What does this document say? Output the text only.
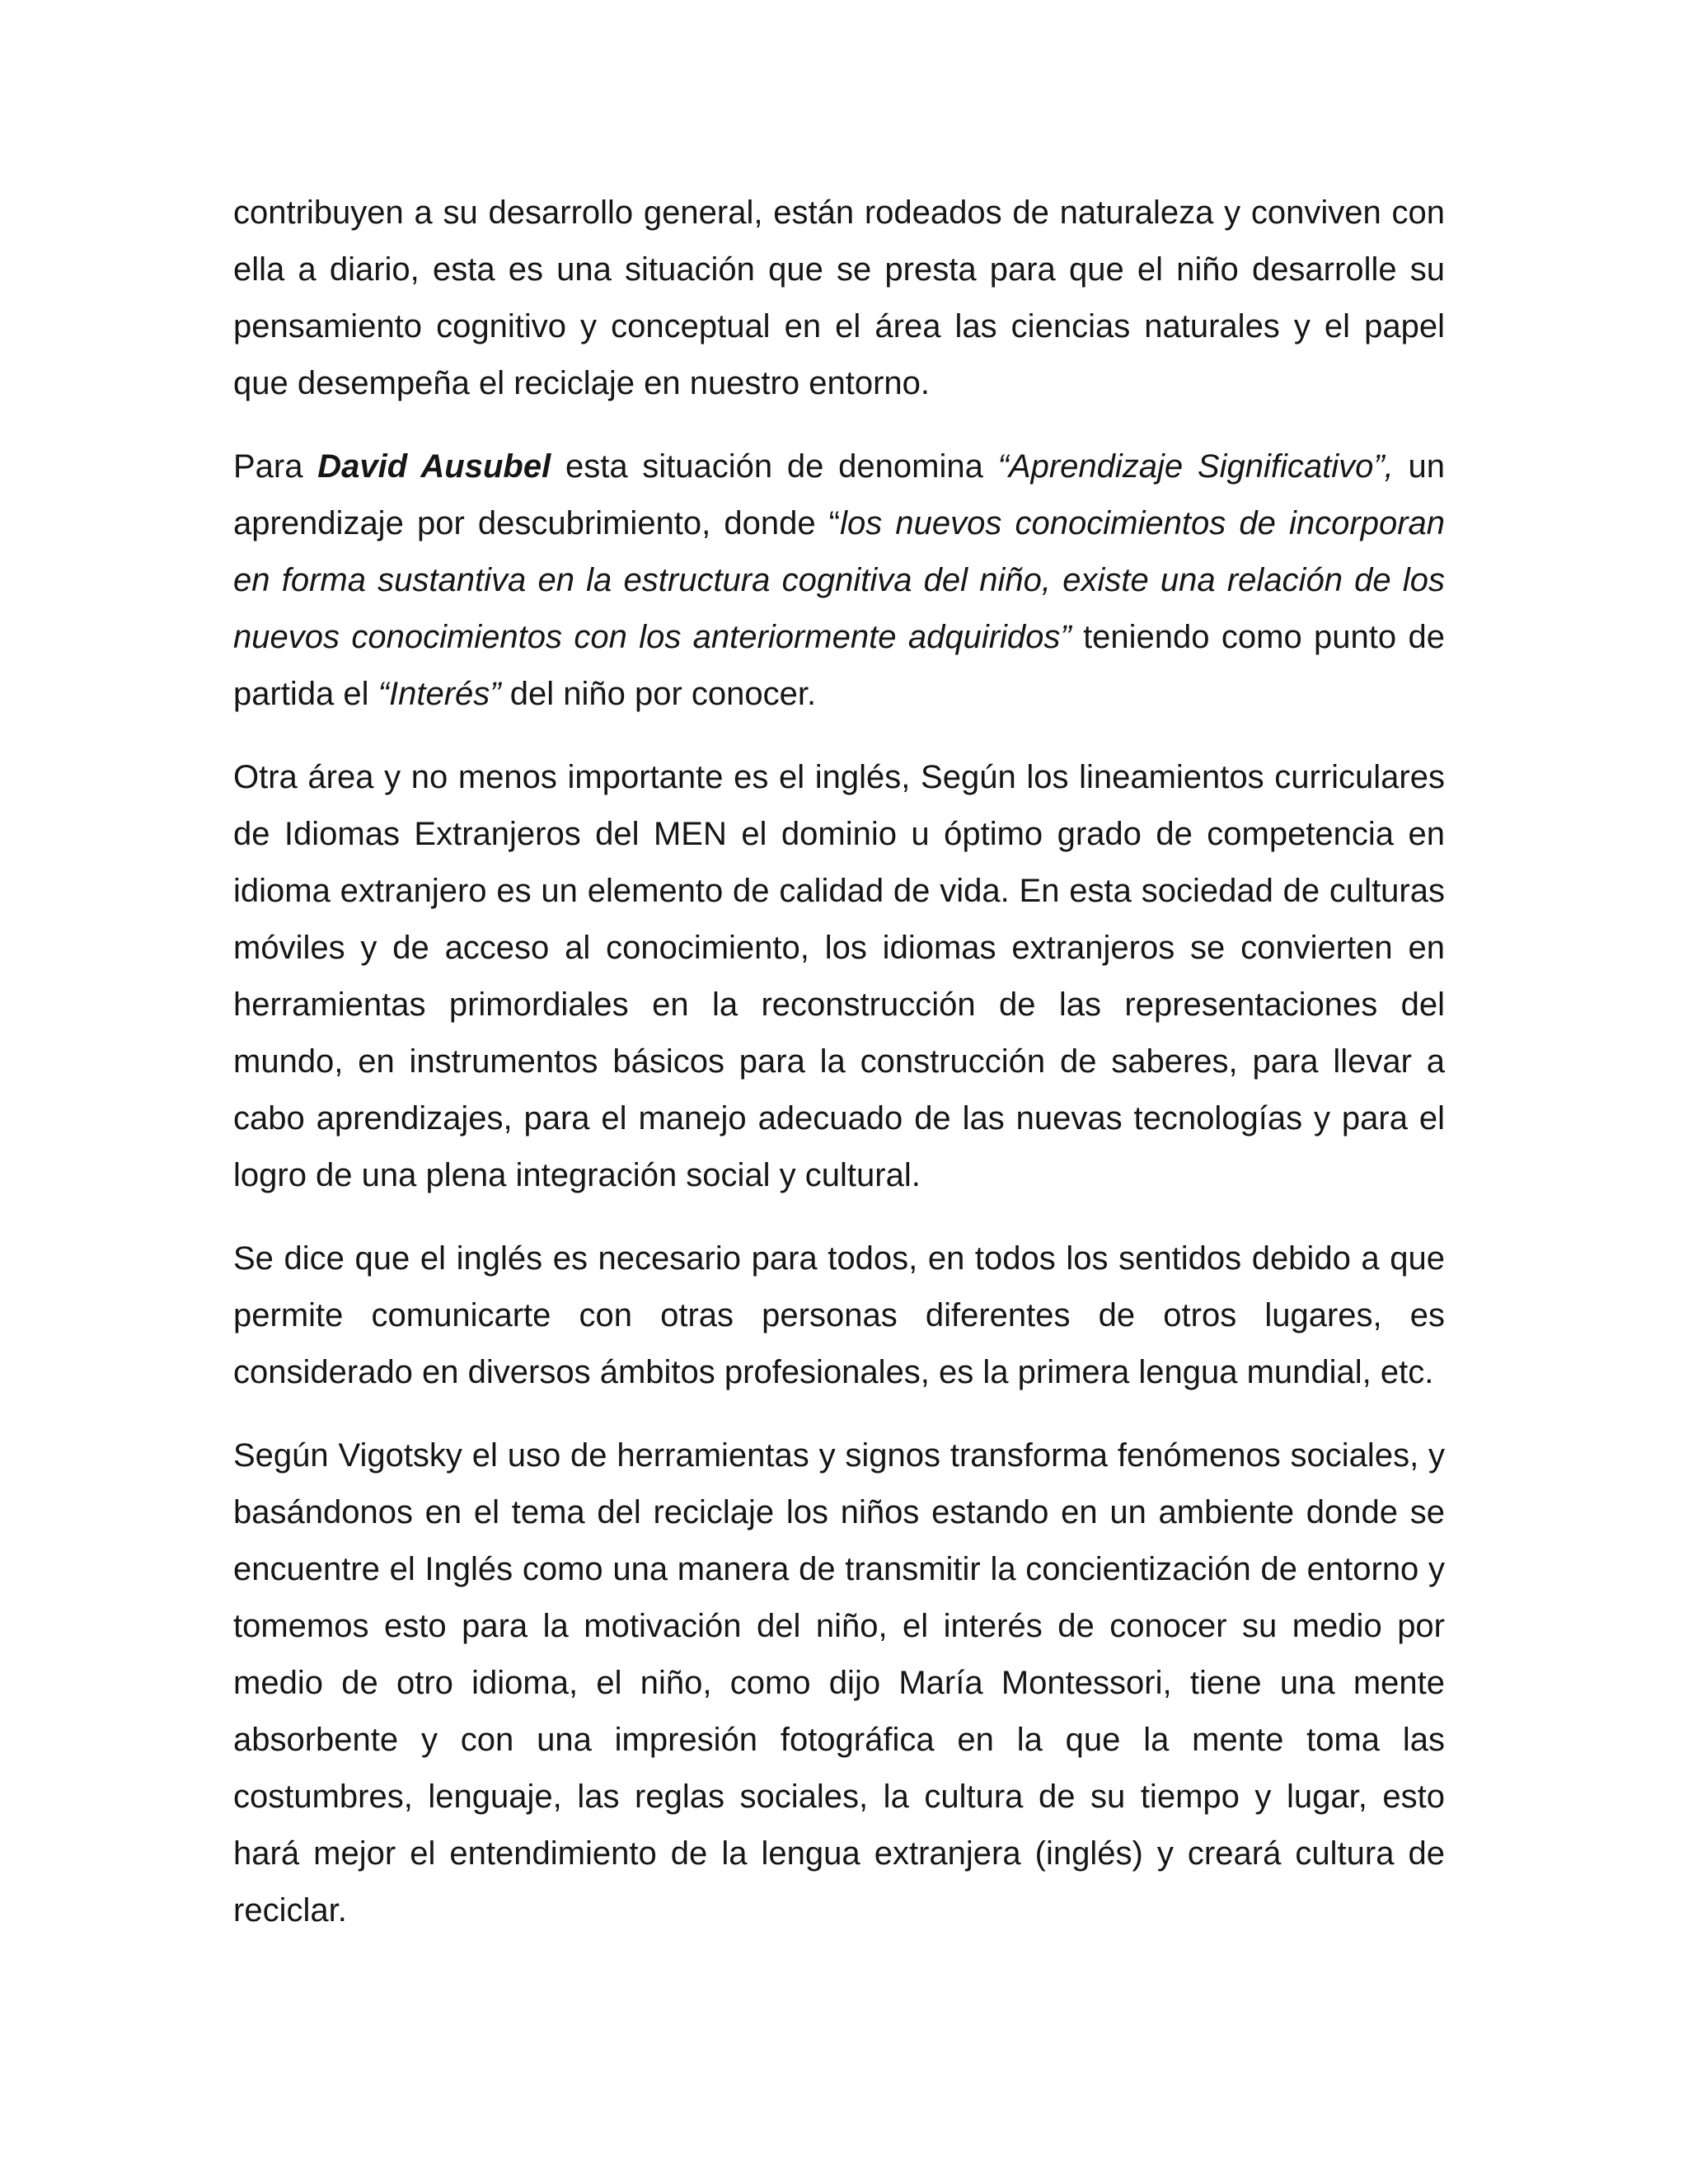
contribuyen a su desarrollo general, están rodeados de naturaleza y conviven con ella a diario, esta es una situación que se presta para que el niño desarrolle su pensamiento cognitivo y conceptual en el área las ciencias naturales y el papel que desempeña el reciclaje en nuestro entorno.

Para David Ausubel esta situación de denomina “Aprendizaje Significativo”, un aprendizaje por descubrimiento, donde “los nuevos conocimientos de incorporan en forma sustantiva en la estructura cognitiva del niño, existe una relación de los nuevos conocimientos con los anteriormente adquiridos” teniendo como punto de partida el “Interés” del niño por conocer.

Otra área y no menos importante es el inglés, Según los lineamientos curriculares de Idiomas Extranjeros del MEN el dominio u óptimo grado de competencia en idioma extranjero es un elemento de calidad de vida. En esta sociedad de culturas móviles y de acceso al conocimiento, los idiomas extranjeros se convierten en herramientas primordiales en la reconstrucción de las representaciones del mundo, en instrumentos básicos para la construcción de saberes, para llevar a cabo aprendizajes, para el manejo adecuado de las nuevas tecnologías y para el logro de una plena integración social y cultural.

Se dice que el inglés es necesario para todos, en todos los sentidos debido a que permite comunicarte con otras personas diferentes de otros lugares, es considerado en diversos ámbitos profesionales, es la primera lengua mundial, etc.

Según Vigotsky el uso de herramientas y signos transforma fenómenos sociales, y basándonos en el tema del reciclaje los niños estando en un ambiente donde se encuentre el Inglés como una manera de transmitir la concientización de entorno y tomemos esto para la motivación del niño, el interés de conocer su medio por medio de otro idioma, el niño, como dijo María Montessori, tiene una mente absorbente y con una impresión fotográfica en la que la mente toma las costumbres, lenguaje, las reglas sociales, la cultura de su tiempo y lugar, esto hará mejor el entendimiento de la lengua extranjera (inglés) y creará cultura de reciclar.
